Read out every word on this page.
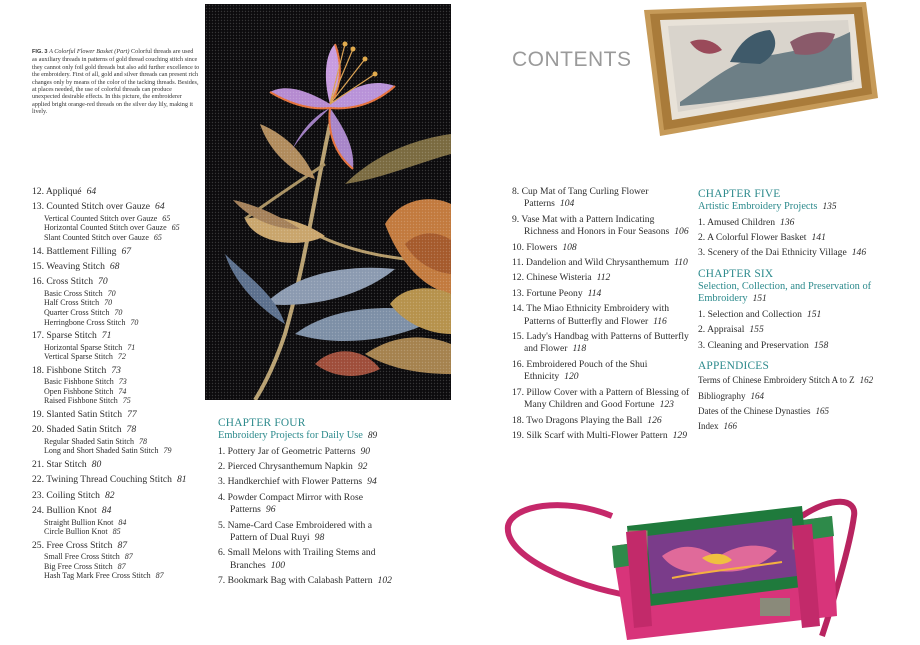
FIG. 3 A Colorful Flower Basket (Part) Colorful threads are used as auxiliary threads in patterns of gold thread couching stitch since they cannot only foil gold threads but also add further excellence to the embroidery. First of all, gold and silver threads can present rich changes only by means of the color of the tacking threads. Besides, at places needed, the use of colorful threads can produce unexpected desirable effects. In this picture, the embroiderer applied bright orange-red threads on the silver day lily, making it lively.
CONTENTS
12. Appliqué 64
13. Counted Stitch over Gauze 64
Vertical Counted Stitch over Gauze 65
Horizontal Counted Stitch over Gauze 65
Slant Counted Stitch over Gauze 65
14. Battlement Filling 67
15. Weaving Stitch 68
16. Cross Stitch 70
Basic Cross Stitch 70
Half Cross Stitch 70
Quarter Cross Stitch 70
Herringbone Cross Stitch 70
17. Sparse Stitch 71
Horizontal Sparse Stitch 71
Vertical Sparse Stitch 72
18. Fishbone Stitch 73
Basic Fishbone Stitch 73
Open Fishbone Stitch 74
Raised Fishbone Stitch 75
19. Slanted Satin Stitch 77
20. Shaded Satin Stitch 78
Regular Shaded Satin Stitch 78
Long and Short Shaded Satin Stitch 79
21. Star Stitch 80
22. Twining Thread Couching Stitch 81
23. Coiling Stitch 82
24. Bullion Knot 84
Straight Bullion Knot 84
Circle Bullion Knot 85
25. Free Cross Stitch 87
Small Free Cross Stitch 87
Big Free Cross Stitch 87
Hash Tag Mark Free Cross Stitch 87
CHAPTER FOUR
Embroidery Projects for Daily Use 89
1. Pottery Jar of Geometric Patterns 90
2. Pierced Chrysanthemum Napkin 92
3. Handkerchief with Flower Patterns 94
4. Powder Compact Mirror with Rose Patterns 96
5. Name-Card Case Embroidered with a Pattern of Dual Ruyi 98
6. Small Melons with Trailing Stems and Branches 100
7. Bookmark Bag with Calabash Pattern 102
8. Cup Mat of Tang Curling Flower Patterns 104
9. Vase Mat with a Pattern Indicating Richness and Honors in Four Seasons 106
10. Flowers 108
11. Dandelion and Wild Chrysanthemum 110
12. Chinese Wisteria 112
13. Fortune Peony 114
14. The Miao Ethnicity Embroidery with Patterns of Butterfly and Flower 116
15. Lady's Handbag with Patterns of Butterfly and Flower 118
16. Embroidered Pouch of the Shui Ethnicity 120
17. Pillow Cover with a Pattern of Blessing of Many Children and Good Fortune 123
18. Two Dragons Playing the Ball 126
19. Silk Scarf with Multi-Flower Pattern 129
CHAPTER FIVE
Artistic Embroidery Projects 135
1. Amused Children 136
2. A Colorful Flower Basket 141
3. Scenery of the Dai Ethnicity Village 146
CHAPTER SIX
Selection, Collection, and Preservation of Embroidery 151
1. Selection and Collection 151
2. Appraisal 155
3. Cleaning and Preservation 158
APPENDICES
Terms of Chinese Embroidery Stitch A to Z 162
Bibliography 164
Dates of the Chinese Dynasties 165
Index 166
